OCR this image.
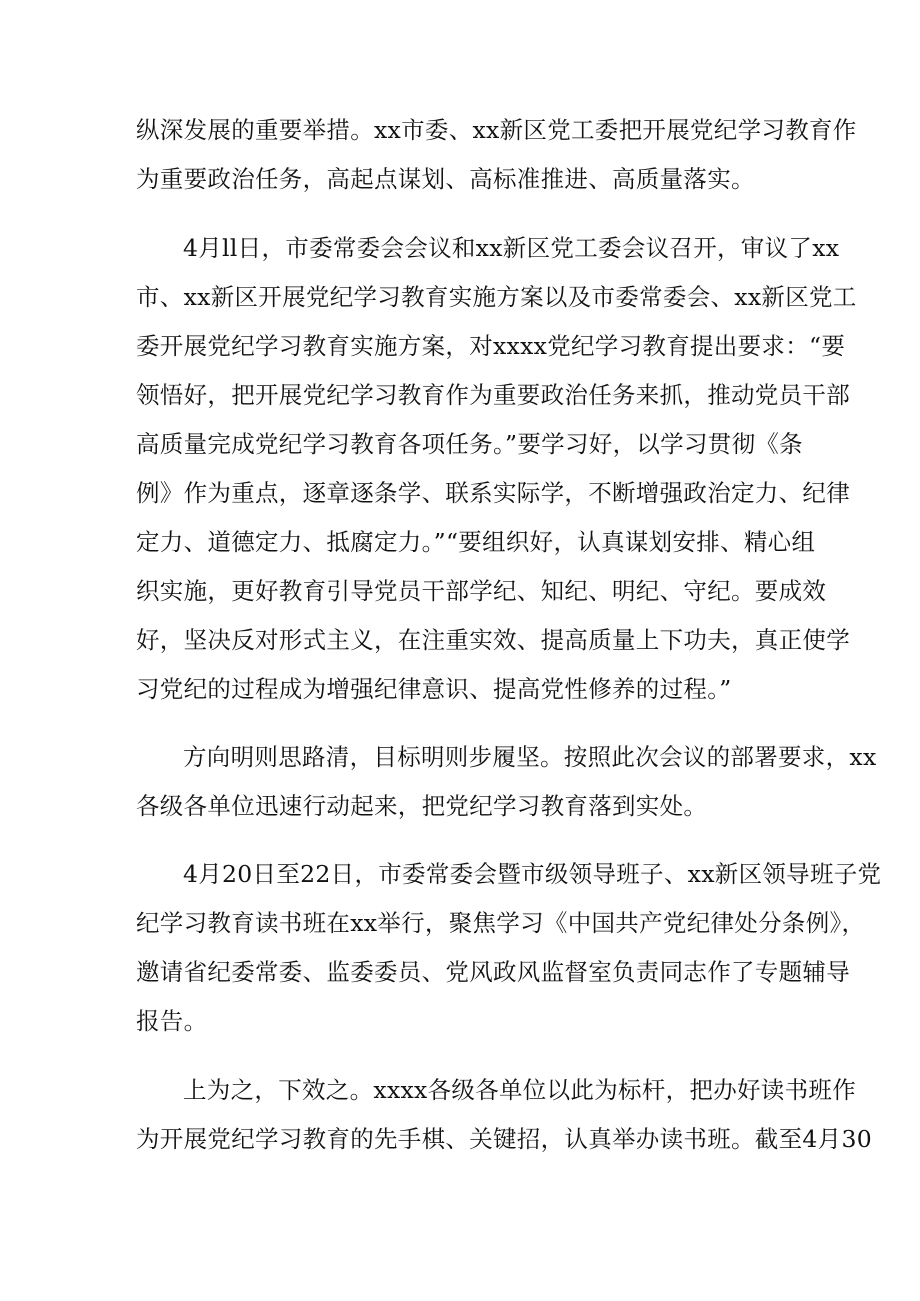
纵深发展的重要举措。xx市委、xx新区党工委把开展党纪学习教育作
为重要政治任务，高起点谋划、高标准推进、高质量落实。
4月ll日，市委常委会会议和xx新区党工委会议召开，审议了xx
市、xx新区开展党纪学习教育实施方案以及市委常委会、xx新区党工
委开展党纪学习教育实施方案，对xxxx党纪学习教育提出要求：“要
领悟好，把开展党纪学习教育作为重要政治任务来抓，推动党员干部
高质量完成党纪学习教育各项任务。”要学习好，以学习贯彻《条
例》作为重点，逐章逐条学、联系实际学，不断增强政治定力、纪律
定力、道德定力、抵腐定力。”“要组织好，认真谋划安排、精心组
织实施，更好教育引导党员干部学纪、知纪、明纪、守纪。要成效
好，坚决反对形式主义，在注重实效、提高质量上下功夫，真正使学
习党纪的过程成为增强纪律意识、提高党性修养的过程。”
方向明则思路清，目标明则步履坚。按照此次会议的部署要求，xx
各级各单位迅速行动起来，把党纪学习教育落到实处。
4月20日至22日，市委常委会暨市级领导班子、xx新区领导班子党
纪学习教育读书班在xx举行，聚焦学习《中国共产党纪律处分条例》，
邀请省纪委常委、监委委员、党风政风监督室负责同志作了专题辅导
报告。
上为之，下效之。xxxx各级各单位以此为标杆，把办好读书班作
为开展党纪学习教育的先手棋、关键招，认真举办读书班。截至4月30
